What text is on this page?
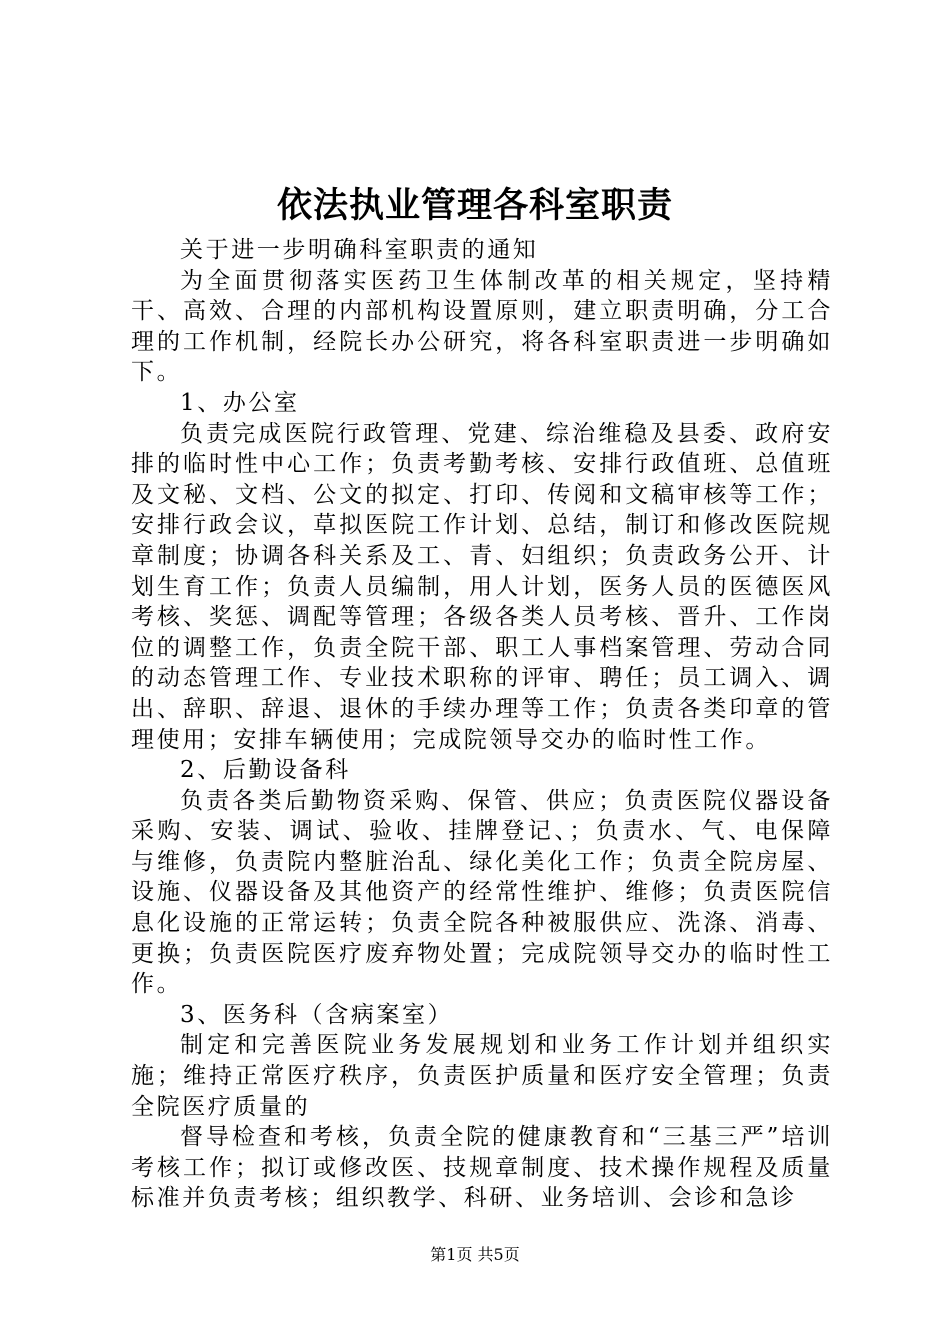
依法执业管理各科室职责

关于进一步明确科室职责的通知

为全面贯彻落实医药卫生体制改革的相关规定，坚持精干、高效、合理的内部机构设置原则，建立职责明确，分工合理的工作机制，经院长办公研究，将各科室职责进一步明确如下。

1、办公室

负责完成医院行政管理、党建、综治维稳及县委、政府安排的临时性中心工作；负责考勤考核、安排行政值班、总值班及文秘、文档、公文的拟定、打印、传阅和文稿审核等工作；安排行政会议，草拟医院工作计划、总结，制订和修改医院规章制度；协调各科关系及工、青、妇组织；负责政务公开、计划生育工作；负责人员编制，用人计划，医务人员的医德医风考核、奖惩、调配等管理；各级各类人员考核、晋升、工作岗位的调整工作，负责全院干部、职工人事档案管理、劳动合同的动态管理工作、专业技术职称的评审、聘任；员工调入、调出、辞职、辞退、退休的手续办理等工作；负责各类印章的管理使用；安排车辆使用；完成院领导交办的临时性工作。

2、后勤设备科

负责各类后勤物资采购、保管、供应；负责医院仪器设备采购、安装、调试、验收、挂牌登记、；负责水、气、电保障与维修，负责院内整脏治乱、绿化美化工作；负责全院房屋、设施、仪器设备及其他资产的经常性维护、维修；负责医院信息化设施的正常运转；负责全院各种被服供应、洗涤、消毒、更换；负责医院医疗废弃物处置；完成院领导交办的临时性工作。

3、医务科（含病案室）

制定和完善医院业务发展规划和业务工作计划并组织实施；维持正常医疗秩序，负责医护质量和医疗安全管理；负责全院医疗质量的

督导检查和考核，负责全院的健康教育和“三基三严”培训考核工作；拟订或修改医、技规章制度、技术操作规程及质量标准并负责考核；组织教学、科研、业务培训、会诊和急诊

第1页 共5页
